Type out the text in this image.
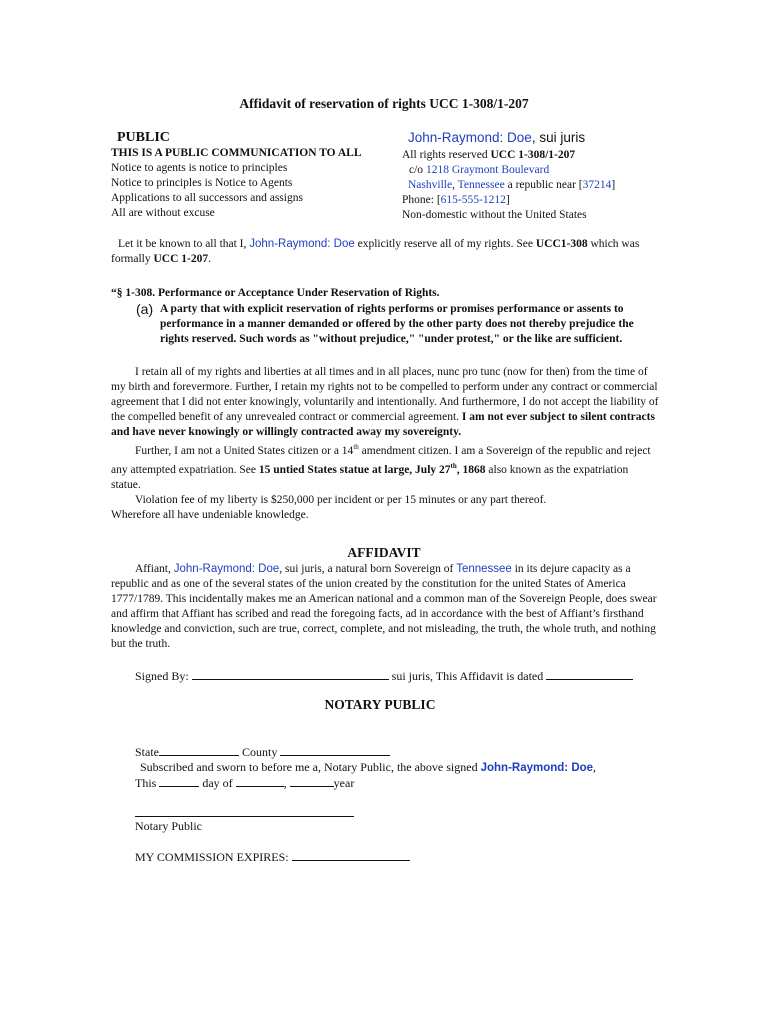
Affidavit of reservation of rights UCC 1-308/1-207
PUBLIC
THIS IS A PUBLIC COMMUNICATION TO ALL
Notice to agents is notice to principles
Notice to principles is Notice to Agents
Applications to all successors and assigns
All are without excuse
John-Raymond: Doe, sui juris
All rights reserved UCC 1-308/1-207
c/o 1218 Graymont Boulevard
Nashville, Tennessee a republic near [37214]
Phone: [615-555-1212]
Non-domestic without the United States

Let it be known to all that I, John-Raymond: Doe explicitly reserve all of my rights. See UCC1-308 which was formally UCC 1-207.

“§ 1-308. Performance or Acceptance Under Reservation of Rights.
(a) A party that with explicit reservation of rights performs or promises performance or assents to performance in a manner demanded or offered by the other party does not thereby prejudice the rights reserved. Such words as "without prejudice," "under protest," or the like are sufficient.

I retain all of my rights and liberties at all times and in all places, nunc pro tunc (now for then) from the time of my birth and forevermore. Further, I retain my rights not to be compelled to perform under any contract or commercial agreement that I did not enter knowingly, voluntarily and intentionally. And furthermore, I do not accept the liability of the compelled benefit of any unrevealed contract or commercial agreement. I am not ever subject to silent contracts and have never knowingly or willingly contracted away my sovereignty.

Further, I am not a United States citizen or a 14th amendment citizen. I am a Sovereign of the republic and reject any attempted expatriation. See 15 untied States statue at large, July 27th, 1868 also known as the expatriation statue.

Violation fee of my liberty is $250,000 per incident or per 15 minutes or any part thereof.

Wherefore all have undeniable knowledge.

AFFIDAVIT

Affiant, John-Raymond: Doe, sui juris, a natural born Sovereign of Tennessee in its dejure capacity as a republic and as one of the several states of the union created by the constitution for the united States of America 1777/1789. This incidentally makes me an American national and a common man of the Sovereign People, does swear and affirm that Affiant has scribed and read the foregoing facts, ad in accordance with the best of Affiant’s firsthand knowledge and conviction, such are true, correct, complete, and not misleading, the truth, the whole truth, and nothing but the truth.

Signed By:	sui juris, This Affidavit is dated
NOTARY PUBLIC
State	County
Subscribed and sworn to before me a, Notary Public, the above signed John-Raymond: Doe,
This	day of	,	year
Notary Public
MY COMMISSION EXPIRES:
